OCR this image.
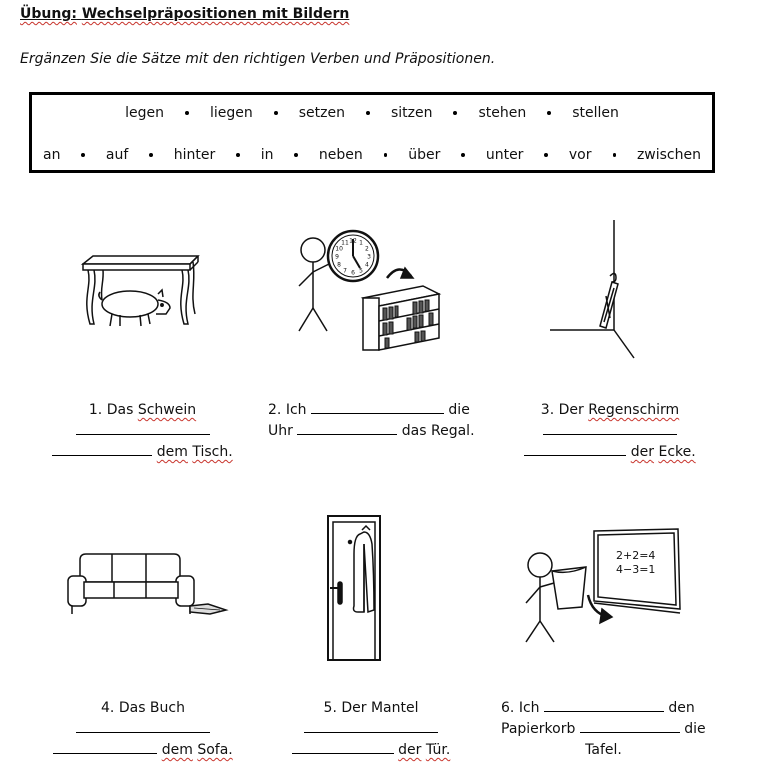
Übung: Wechselpräpositionen mit Bildern
Ergänzen Sie die Sätze mit den richtigen Verben und Präpositionen.
legen	liegen	setzen	sitzen	stehen	stellen
an	auf	hinter	in	neben	über	unter	vor	zwischen
12 1
2
3
4
5
6
7
8
9
10
11
2+2=4
4−3=1
1. Das Schwein
dem Tisch.
2. Ich	die
Uhr	das Regal.
3. Der Regenschirm
der Ecke.
4. Das Buch
dem Sofa.
5. Der Mantel
der Tür.
6. Ich	den
Papierkorb	die
Tafel.
